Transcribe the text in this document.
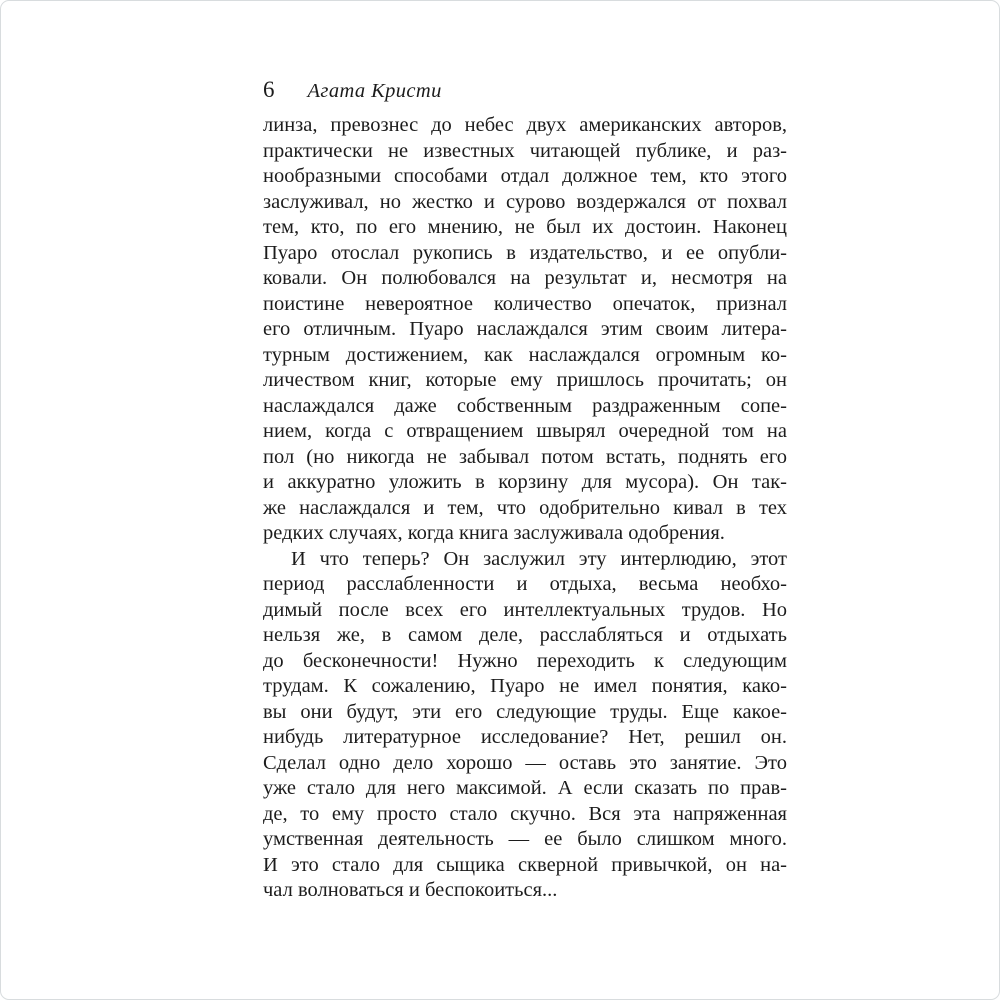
6 Агата Кристи
линза, превознес до небес двух американских авторов,
практически не известных читающей публике, и раз-
нообразными способами отдал должное тем, кто этого
заслуживал, но жестко и сурово воздержался от похвал
тем, кто, по его мнению, не был их достоин. Наконец
Пуаро отослал рукопись в издательство, и ее опубли-
ковали. Он полюбовался на результат и, несмотря на
поистине невероятное количество опечаток, признал
его отличным. Пуаро наслаждался этим своим литера-
турным достижением, как наслаждался огромным ко-
личеством книг, которые ему пришлось прочитать; он
наслаждался даже собственным раздраженным сопе-
нием, когда с отвращением швырял очередной том на
пол (но никогда не забывал потом встать, поднять его
и аккуратно уложить в корзину для мусора). Он так-
же наслаждался и тем, что одобрительно кивал в тех
редких случаях, когда книга заслуживала одобрения.
И что теперь? Он заслужил эту интерлюдию, этот
период расслабленности и отдыха, весьма необхо-
димый после всех его интеллектуальных трудов. Но
нельзя же, в самом деле, расслабляться и отдыхать
до бесконечности! Нужно переходить к следующим
трудам. К сожалению, Пуаро не имел понятия, како-
вы они будут, эти его следующие труды. Еще какое-
нибудь литературное исследование? Нет, решил он.
Сделал одно дело хорошо — оставь это занятие. Это
уже стало для него максимой. А если сказать по прав-
де, то ему просто стало скучно. Вся эта напряженная
умственная деятельность — ее было слишком много.
И это стало для сыщика скверной привычкой, он на-
чал волноваться и беспокоиться...
